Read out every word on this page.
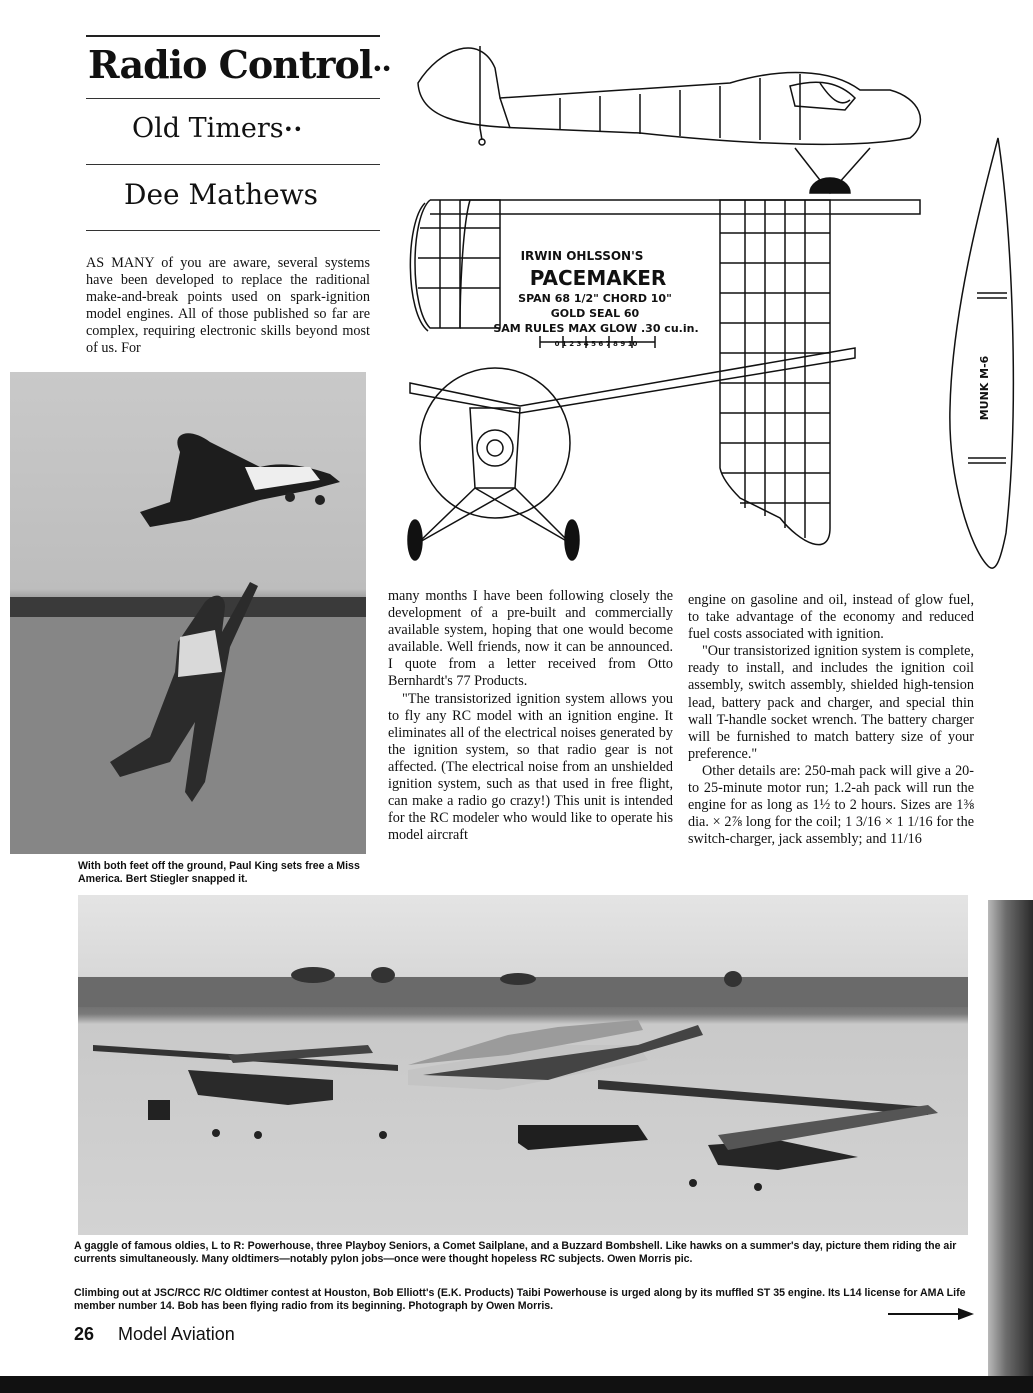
Radio Control••
Old Timers••
Dee Mathews

AS MANY of you are aware, several systems have been developed to replace the raditional make-and-break points used on spark-ignition model engines. All of those published so far are complex, requiring electronic skills beyond most of us. For

IRWIN OHLSSON'S
PACEMAKER
SPAN 68 1/2" CHORD 10"
GOLD SEAL 60
SAM RULES MAX GLOW .30 cu.in.
0 1 2 3 4 5 6 7 8 9 10
MUNK M-6
With both feet off the ground, Paul King sets free a Miss America. Bert Stiegler snapped it.

many months I have been following closely the development of a pre-built and commercially available system, hoping that one would become available. Well friends, now it can be announced. I quote from a letter received from Otto Bernhardt's 77 Products.

"The transistorized ignition system allows you to fly any RC model with an ignition engine. It eliminates all of the electrical noises generated by the ignition system, so that radio gear is not affected. (The electrical noise from an unshielded ignition system, such as that used in free flight, can make a radio go crazy!) This unit is intended for the RC modeler who would like to operate his model aircraft

engine on gasoline and oil, instead of glow fuel, to take advantage of the economy and reduced fuel costs associated with ignition.

"Our transistorized ignition system is complete, ready to install, and includes the ignition coil assembly, switch assembly, shielded high-tension lead, battery pack and charger, and special thin wall T-handle socket wrench. The battery charger will be furnished to match battery size of your preference."

Other details are: 250-mah pack will give a 20- to 25-minute motor run; 1.2-ah pack will run the engine for as long as 1½ to 2 hours. Sizes are 1⅜ dia. × 2⅞ long for the coil; 1 3/16 × 1 1/16 for the switch-charger, jack assembly; and 11/16

A gaggle of famous oldies, L to R: Powerhouse, three Playboy Seniors, a Comet Sailplane, and a Buzzard Bombshell. Like hawks on a summer's day, picture them riding the air currents simultaneously. Many oldtimers—notably pylon jobs—once were thought hopeless RC subjects. Owen Morris pic.
Climbing out at JSC/RCC R/C Oldtimer contest at Houston, Bob Elliott's (E.K. Products) Taibi Powerhouse is urged along by its muffled ST 35 engine. Its L14 license for AMA Life member number 14. Bob has been flying radio from its beginning. Photograph by Owen Morris.
26 Model Aviation
